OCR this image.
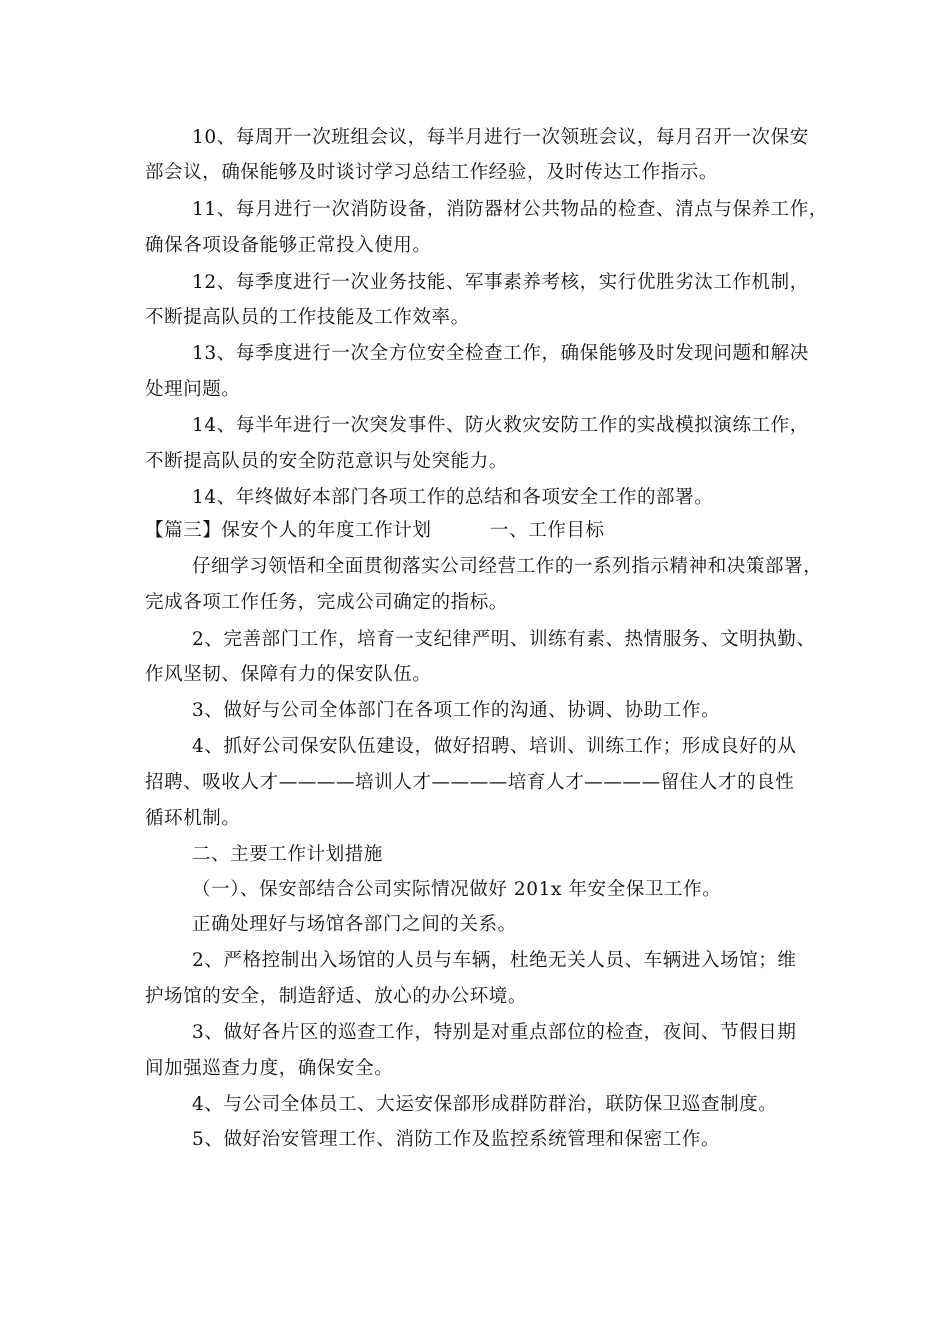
10、每周开一次班组会议，每半月进行一次领班会议，每月召开一次保安
部会议，确保能够及时谈讨学习总结工作经验，及时传达工作指示。
11、每月进行一次消防设备，消防器材公共物品的检查、清点与保养工作，
确保各项设备能够正常投入使用。
12、每季度进行一次业务技能、军事素养考核，实行优胜劣汰工作机制，
不断提高队员的工作技能及工作效率。
13、每季度进行一次全方位安全检查工作，确保能够及时发现问题和解决
处理问题。
14、每半年进行一次突发事件、防火救灾安防工作的实战模拟演练工作，
不断提高队员的安全防范意识与处突能力。
14、年终做好本部门各项工作的总结和各项安全工作的部署。
【篇三】保安个人的年度工作计划	一、工作目标
仔细学习领悟和全面贯彻落实公司经营工作的一系列指示精神和决策部署，
完成各项工作任务，完成公司确定的指标。
2、完善部门工作，培育一支纪律严明、训练有素、热情服务、文明执勤、
作风坚韧、保障有力的保安队伍。
3、做好与公司全体部门在各项工作的沟通、协调、协助工作。
4、抓好公司保安队伍建设，做好招聘、培训、训练工作；形成良好的从
招聘、吸收人才————培训人才————培育人才————留住人才的良性
循环机制。
二、主要工作计划措施
（一）、保安部结合公司实际情况做好 201x 年安全保卫工作。
正确处理好与场馆各部门之间的关系。
2、严格控制出入场馆的人员与车辆，杜绝无关人员、车辆进入场馆；维
护场馆的安全，制造舒适、放心的办公环境。
3、做好各片区的巡查工作，特别是对重点部位的检查，夜间、节假日期
间加强巡查力度，确保安全。
4、与公司全体员工、大运安保部形成群防群治，联防保卫巡查制度。
5、做好治安管理工作、消防工作及监控系统管理和保密工作。
